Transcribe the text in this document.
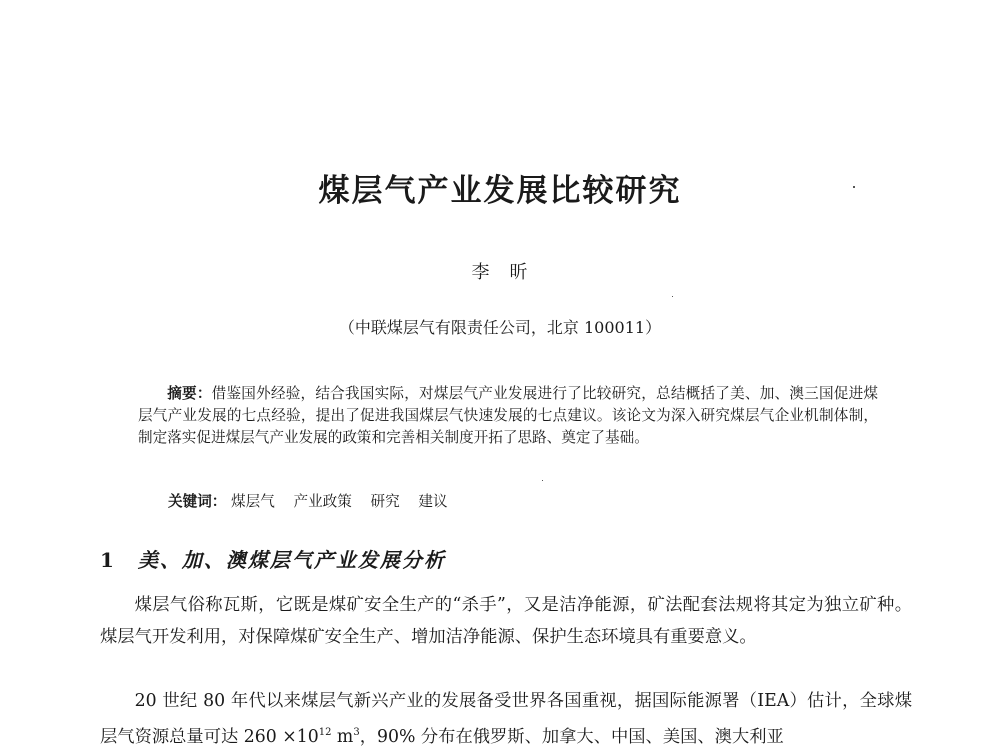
煤层气产业发展比较研究
李　昕
（中联煤层气有限责任公司，北京 100011）
摘要：借鉴国外经验，结合我国实际，对煤层气产业发展进行了比较研究，总结概括了美、加、澳三国促进煤层气产业发展的七点经验，提出了促进我国煤层气快速发展的七点建议。该论文为深入研究煤层气企业机制体制，制定落实促进煤层气产业发展的政策和完善相关制度开拓了思路、奠定了基础。
关键词： 煤层气 产业政策 研究 建议
1 美、加、澳煤层气产业发展分析

煤层气俗称瓦斯，它既是煤矿安全生产的“杀手”，又是洁净能源，矿法配套法规将其定为独立矿种。煤层气开发利用，对保障煤矿安全生产、增加洁净能源、保护生态环境具有重要意义。

20 世纪 80 年代以来煤层气新兴产业的发展备受世界各国重视，据国际能源署（IEA）估计，全球煤层气资源总量可达 $260 \times 10^{12}$ $m^3$，90% 分布在俄罗斯、加拿大、中国、美国、澳大利亚
